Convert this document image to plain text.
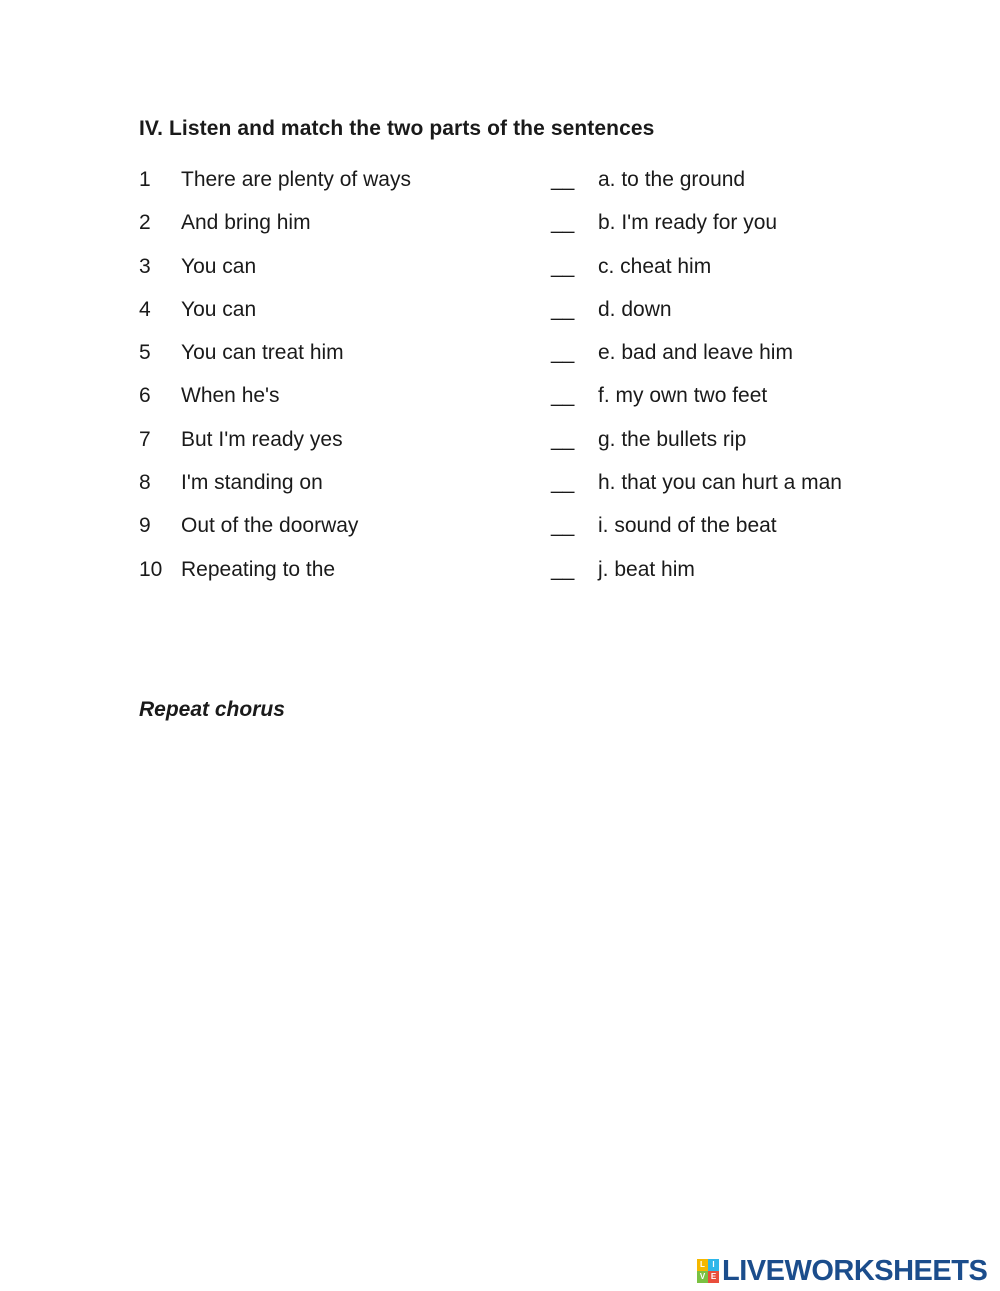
IV. Listen and match the two parts of the sentences
1 There are plenty of ways	__ a. to the ground
2 And bring him	__ b. I'm ready for you
3 You can	__ c. cheat him
4 You can	__ d. down
5 You can treat him	__ e. bad and leave him
6 When he's	__ f. my own two feet
7 But I'm ready yes	__ g. the bullets rip
8 I'm standing on	__ h. that you can hurt a man
9 Out of the doorway	__ i. sound of the beat
10 Repeating to the	__ j. beat him
Repeat chorus
L I
V E LIVEWORKSHEETS
